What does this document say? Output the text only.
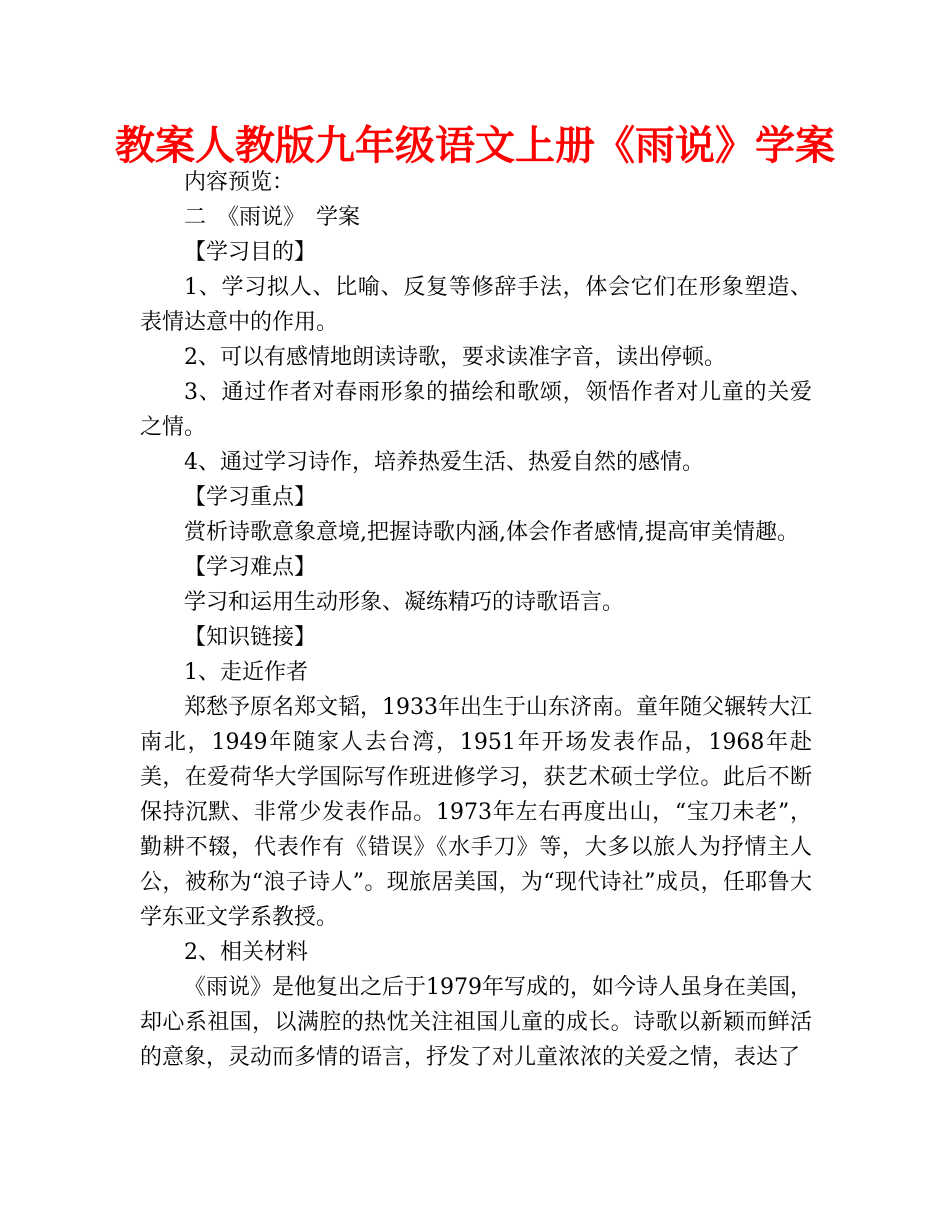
教案人教版九年级语文上册《雨说》学案

内容预览：

二　《雨说》　学案

【学习目的】

1、学习拟人、比喻、反复等修辞手法，体会它们在形象塑造、表情达意中的作用。

2、可以有感情地朗读诗歌，要求读准字音，读出停顿。

3、通过作者对春雨形象的描绘和歌颂，领悟作者对儿童的关爱之情。

4、通过学习诗作，培养热爱生活、热爱自然的感情。

【学习重点】

赏析诗歌意象意境,把握诗歌内涵,体会作者感情,提高审美情趣。

【学习难点】

学习和运用生动形象、凝练精巧的诗歌语言。

【知识链接】

1、走近作者

郑愁予原名郑文韬，1933年出生于山东济南。童年随父辗转大江南北，1949年随家人去台湾，1951年开场发表作品，1968年赴美，在爱荷华大学国际写作班进修学习，获艺术硕士学位。此后不断保持沉默、非常少发表作品。1973年左右再度出山，“宝刀未老”，勤耕不辍，代表作有《错误》《水手刀》等，大多以旅人为抒情主人公，被称为“浪子诗人”。现旅居美国，为“现代诗社”成员，任耶鲁大学东亚文学系教授。

2、相关材料

《雨说》是他复出之后于1979年写成的，如今诗人虽身在美国，却心系祖国，以满腔的热忱关注祖国儿童的成长。诗歌以新颖而鲜活的意象，灵动而多情的语言，抒发了对儿童浓浓的关爱之情，表达了
